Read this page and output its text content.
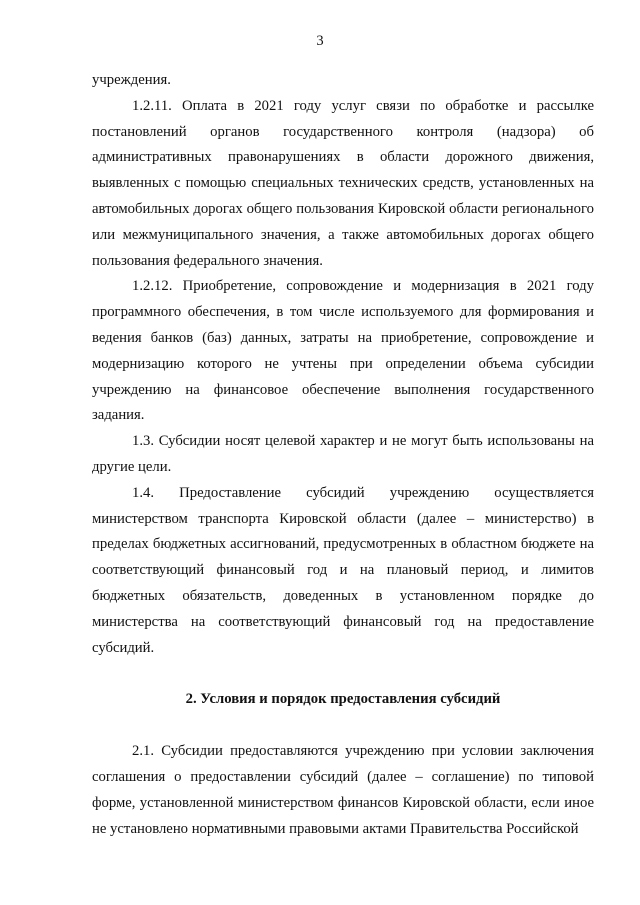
3

учреждения.

1.2.11. Оплата в 2021 году услуг связи по обработке и рассылке постановлений органов государственного контроля (надзора) об административных правонарушениях в области дорожного движения, выявленных с помощью специальных технических средств, установленных на автомобильных дорогах общего пользования Кировской области регионального или межмуниципального значения, а также автомобильных дорогах общего пользования федерального значения.

1.2.12. Приобретение, сопровождение и модернизация в 2021 году программного обеспечения, в том числе используемого для формирования и ведения банков (баз) данных, затраты на приобретение, сопровождение и модернизацию которого не учтены при определении объема субсидии учреждению на финансовое обеспечение выполнения государственного задания.

1.3. Субсидии носят целевой характер и не могут быть использованы на другие цели.

1.4. Предоставление субсидий учреждению осуществляется министерством транспорта Кировской области (далее – министерство) в пределах бюджетных ассигнований, предусмотренных в областном бюджете на соответствующий финансовый год и на плановый период, и лимитов бюджетных обязательств, доведенных в установленном порядке до министерства на соответствующий финансовый год на предоставление субсидий.

2. Условия и порядок предоставления субсидий

2.1. Субсидии предоставляются учреждению при условии заключения соглашения о предоставлении субсидий (далее – соглашение) по типовой форме, установленной министерством финансов Кировской области, если иное не установлено нормативными правовыми актами Правительства Российской
